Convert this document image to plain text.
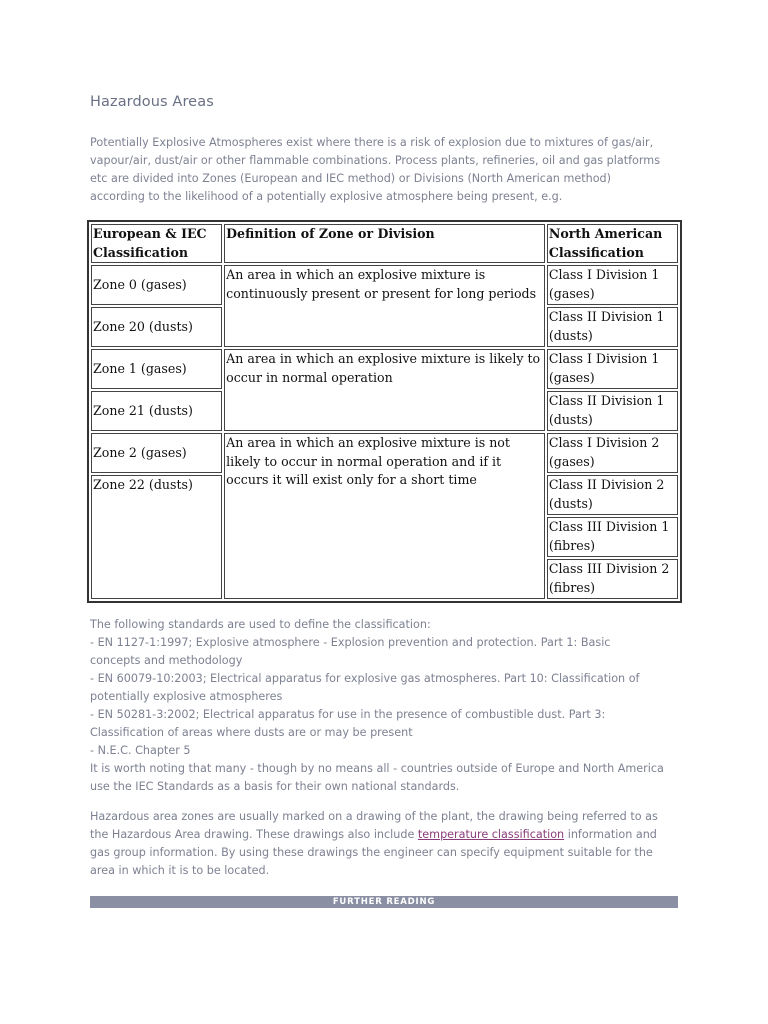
Hazardous Areas

Potentially Explosive Atmospheres exist where there is a risk of explosion due to mixtures of gas/air,
vapour/air, dust/air or other flammable combinations. Process plants, refineries, oil and gas platforms
etc are divided into Zones (European and IEC method) or Divisions (North American method)
according to the likelihood of a potentially explosive atmosphere being present, e.g.

European & IEC Classification	Definition of Zone or Division	North American Classification
Zone 0 (gases)	An area in which an explosive mixture is continuously present or present for long periods	Class I Division 1 (gases)
Zone 20 (dusts)		Class II Division 1 (dusts)
Zone 1 (gases)	An area in which an explosive mixture is likely to occur in normal operation	Class I Division 1 (gases)
Zone 21 (dusts)		Class II Division 1 (dusts)
Zone 2 (gases)	An area in which an explosive mixture is not likely to occur in normal operation and if it occurs it will exist only for a short time	Class I Division 2 (gases)
Zone 22 (dusts)		Class II Division 2 (dusts)
		Class III Division 1 (fibres)
		Class III Division 2 (fibres)

The following standards are used to define the classification:
- EN 1127-1:1997; Explosive atmosphere - Explosion prevention and protection. Part 1: Basic
concepts and methodology
- EN 60079-10:2003; Electrical apparatus for explosive gas atmospheres. Part 10: Classification of
potentially explosive atmospheres
- EN 50281-3:2002; Electrical apparatus for use in the presence of combustible dust. Part 3:
Classification of areas where dusts are or may be present
- N.E.C. Chapter 5
It is worth noting that many - though by no means all - countries outside of Europe and North America
use the IEC Standards as a basis for their own national standards.

Hazardous area zones are usually marked on a drawing of the plant, the drawing being referred to as
the Hazardous Area drawing. These drawings also include temperature classification information and
gas group information. By using these drawings the engineer can specify equipment suitable for the
area in which it is to be located.

FURTHER READING
